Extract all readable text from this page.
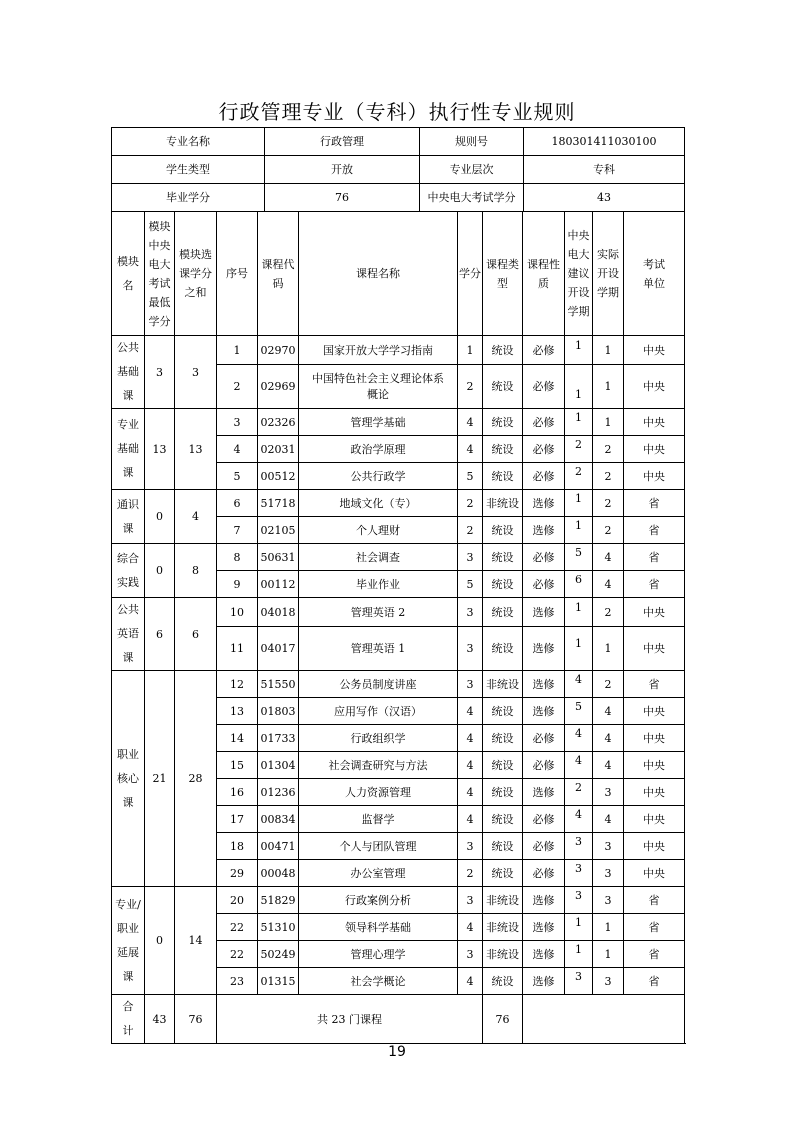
行政管理专业（专科）执行性专业规则
专业名称	行政管理	规则号	180301411030100
学生类型	开放	专业层次	专科
毕业学分	76	中央电大考试学分	43
模块名	模块中央电大考试最低学分	模块选课学分之和	序号	课程代码	课程名称	学分	课程类型	课程性质	中央电大建议开设学期	实际开设学期	考试单位
公共基础课	3	3	1	02970	国家开放大学学习指南	1	统设	必修	1	1	中央
			2	02969	中国特色社会主义理论体系概论	2	统设	必修	1	1	中央
专业基础课	13	13	3	02326	管理学基础	4	统设	必修	1	1	中央
			4	02031	政治学原理	4	统设	必修	2	2	中央
			5	00512	公共行政学	5	统设	必修	2	2	中央
通识课	0	4	6	51718	地域文化（专）	2	非统设	选修	1	2	省
			7	02105	个人理财	2	统设	选修	1	2	省
综合实践	0	8	8	50631	社会调查	3	统设	必修	5	4	省
			9	00112	毕业作业	5	统设	必修	6	4	省
公共英语课	6	6	10	04018	管理英语 2	3	统设	选修	1	2	中央
			11	04017	管理英语 1	3	统设	选修	1	1	中央
职业核心课	21	28	12	51550	公务员制度讲座	3	非统设	选修	4	2	省
			13	01803	应用写作（汉语）	4	统设	选修	5	4	中央
			14	01733	行政组织学	4	统设	必修	4	4	中央
			15	01304	社会调查研究与方法	4	统设	必修	4	4	中央
			16	01236	人力资源管理	4	统设	选修	2	3	中央
			17	00834	监督学	4	统设	必修	4	4	中央
			18	00471	个人与团队管理	3	统设	必修	3	3	中央
			29	00048	办公室管理	2	统设	必修	3	3	中央
专业/职业延展课	0	14	20	51829	行政案例分析	3	非统设	选修	3	3	省
			22	51310	领导科学基础	4	非统设	选修	1	1	省
			22	50249	管理心理学	3	非统设	选修	1	1	省
			23	01315	社会学概论	4	统设	选修	3	3	省
合计	43	76	共 23 门课程				76				
19
